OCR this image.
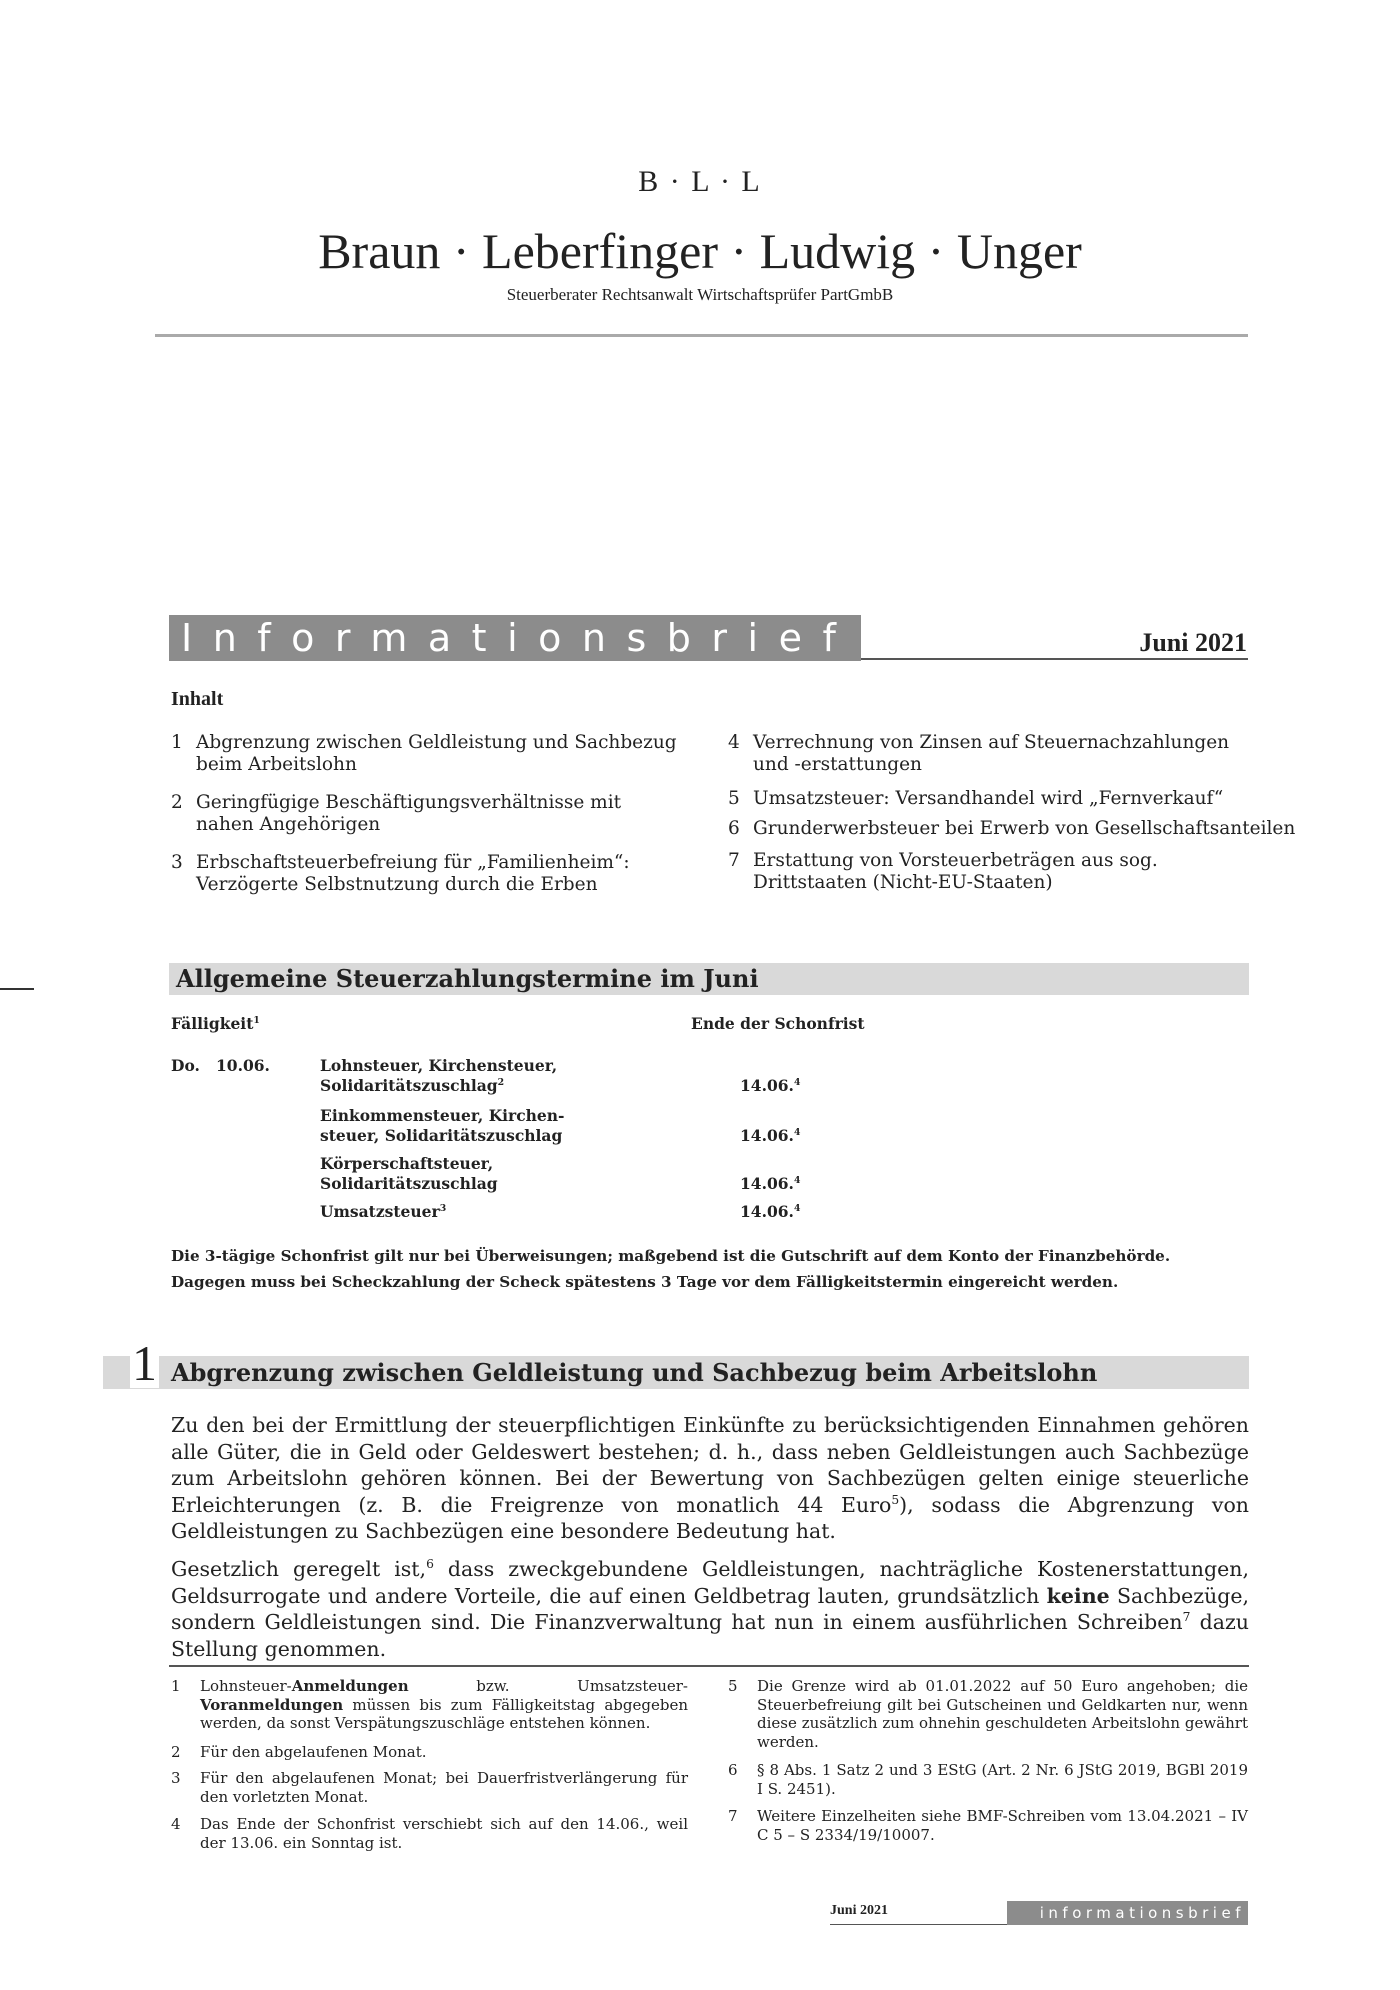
B · L · L
Braun · Leberfinger · Ludwig · Unger
Steuerberater Rechtsanwalt Wirtschaftsprüfer PartGmbB
Informationsbrief	Juni 2021
Inhalt
1 Abgrenzung zwischen Geldleistung und Sachbezug beim Arbeitslohn
2 Geringfügige Beschäftigungsverhältnisse mit nahen Angehörigen
3 Erbschaftsteuerbefreiung für „Familienheim“: Verzögerte Selbstnutzung durch die Erben
4 Verrechnung von Zinsen auf Steuernachzahlungen und -erstattungen
5 Umsatzsteuer: Versandhandel wird „Fernverkauf“
6 Grunderwerbsteuer bei Erwerb von Gesellschaftsanteilen
7 Erstattung von Vorsteuerbeträgen aus sog. Drittstaaten (Nicht-EU-Staaten)
Allgemeine Steuerzahlungstermine im Juni
Fälligkeit$^1$	Ende der Schonfrist
Do. 10.06.	Lohnsteuer, Kirchensteuer,
Solidaritätszuschlag$^2$	14.06.$^4$
Einkommensteuer, Kirchen-
steuer, Solidaritätszuschlag	14.06.$^4$
Körperschaftsteuer,
Solidaritätszuschlag	14.06.$^4$
Umsatzsteuer$^3$	14.06.$^4$
Die 3-tägige Schonfrist gilt nur bei Überweisungen; maßgebend ist die Gutschrift auf dem Konto der Finanzbehörde.
Dagegen muss bei Scheckzahlung der Scheck spätestens 3 Tage vor dem Fälligkeitstermin eingereicht werden.
1 Abgrenzung zwischen Geldleistung und Sachbezug beim Arbeitslohn
Zu den bei der Ermittlung der steuerpflichtigen Einkünfte zu berücksichtigenden Einnahmen gehören alle Güter, die in Geld oder Geldeswert bestehen; d. h., dass neben Geldleistungen auch Sachbezüge zum Arbeitslohn gehören können. Bei der Bewertung von Sachbezügen gelten einige steuerliche Erleichterungen (z. B. die Freigrenze von monatlich 44 Euro$^5$), sodass die Abgrenzung von Geldleistungen zu Sachbezügen eine besondere Bedeutung hat.
Gesetzlich geregelt ist,$^6$ dass zweckgebundene Geldleistungen, nachträgliche Kostenerstattungen, Geldsurrogate und andere Vorteile, die auf einen Geldbetrag lauten, grundsätzlich keine Sachbezüge, sondern Geldleistungen sind. Die Finanzverwaltung hat nun in einem ausführlichen Schreiben$^7$ dazu Stellung genommen.
1 Lohnsteuer-Anmeldungen bzw. Umsatzsteuer-Voranmeldungen müssen bis zum Fälligkeitstag abgegeben werden, da sonst Verspätungszuschläge entstehen können.
2 Für den abgelaufenen Monat.
3 Für den abgelaufenen Monat; bei Dauerfristverlängerung für den vorletzten Monat.
4 Das Ende der Schonfrist verschiebt sich auf den 14.06., weil der 13.06. ein Sonntag ist.
5 Die Grenze wird ab 01.01.2022 auf 50 Euro angehoben; die Steuerbefreiung gilt bei Gutscheinen und Geldkarten nur, wenn diese zusätzlich zum ohnehin geschuldeten Arbeitslohn gewährt werden.
6 § 8 Abs. 1 Satz 2 und 3 EStG (Art. 2 Nr. 6 JStG 2019, BGBl 2019 I S. 2451).
7 Weitere Einzelheiten siehe BMF-Schreiben vom 13.04.2021 – IV C 5 – S 2334/19/10007.
Juni 2021	informationsbrief
